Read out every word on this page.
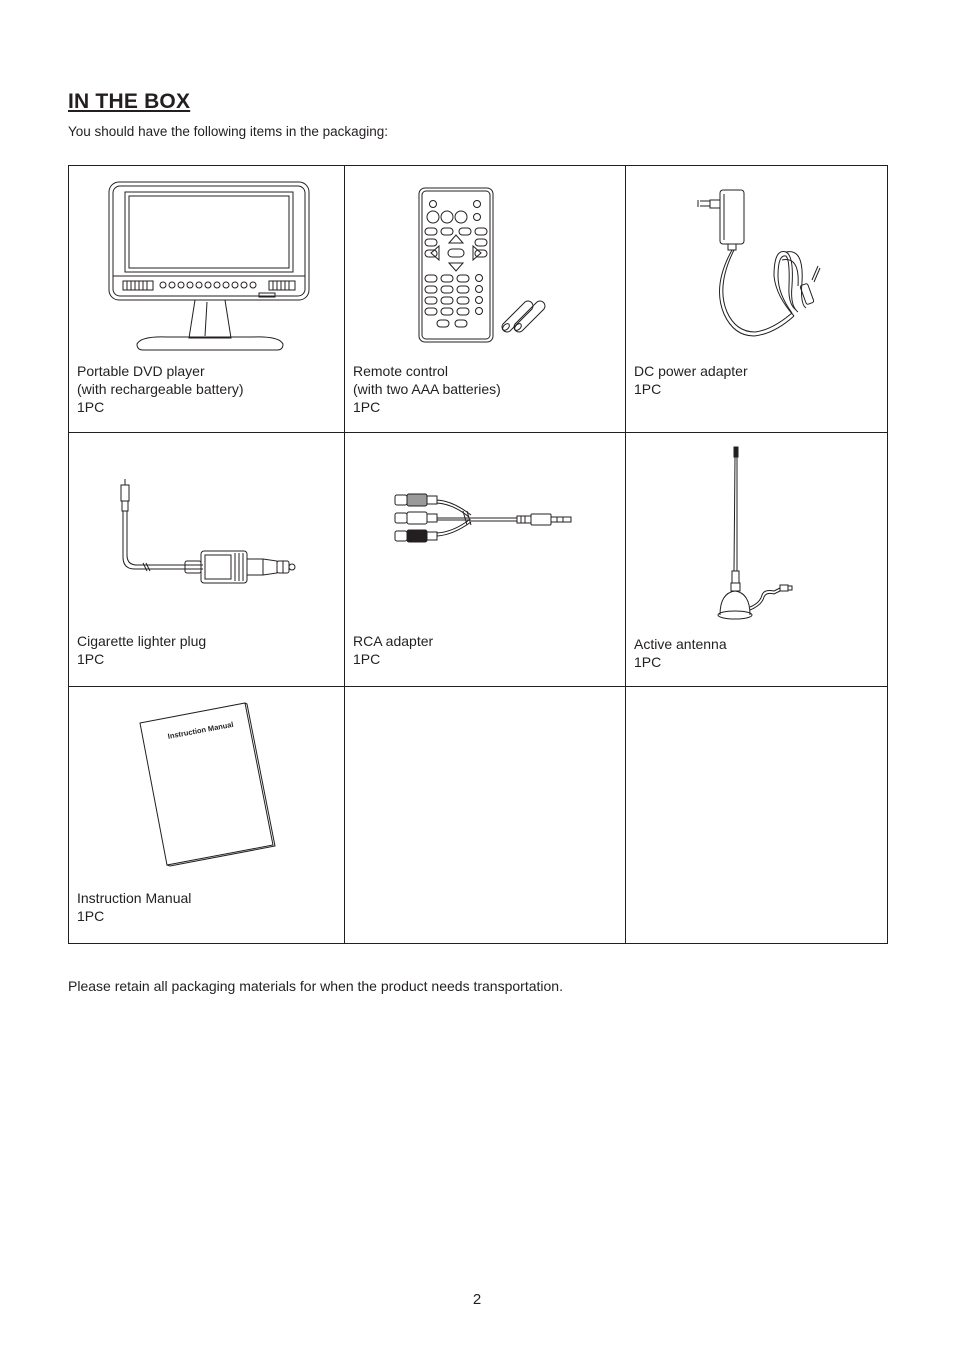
IN THE BOX
You should have the following items in the packaging:
Portable DVD player
(with rechargeable battery)
1PC	Remote control
(with two AAA batteries)
1PC	DC power adapter
1PC

Cigarette lighter plug
1PC	RCA adapter
1PC	Active antenna
1PC

Instruction Manual
Instruction Manual
1PC		

Please retain all packaging materials for when the product needs transportation.
2
